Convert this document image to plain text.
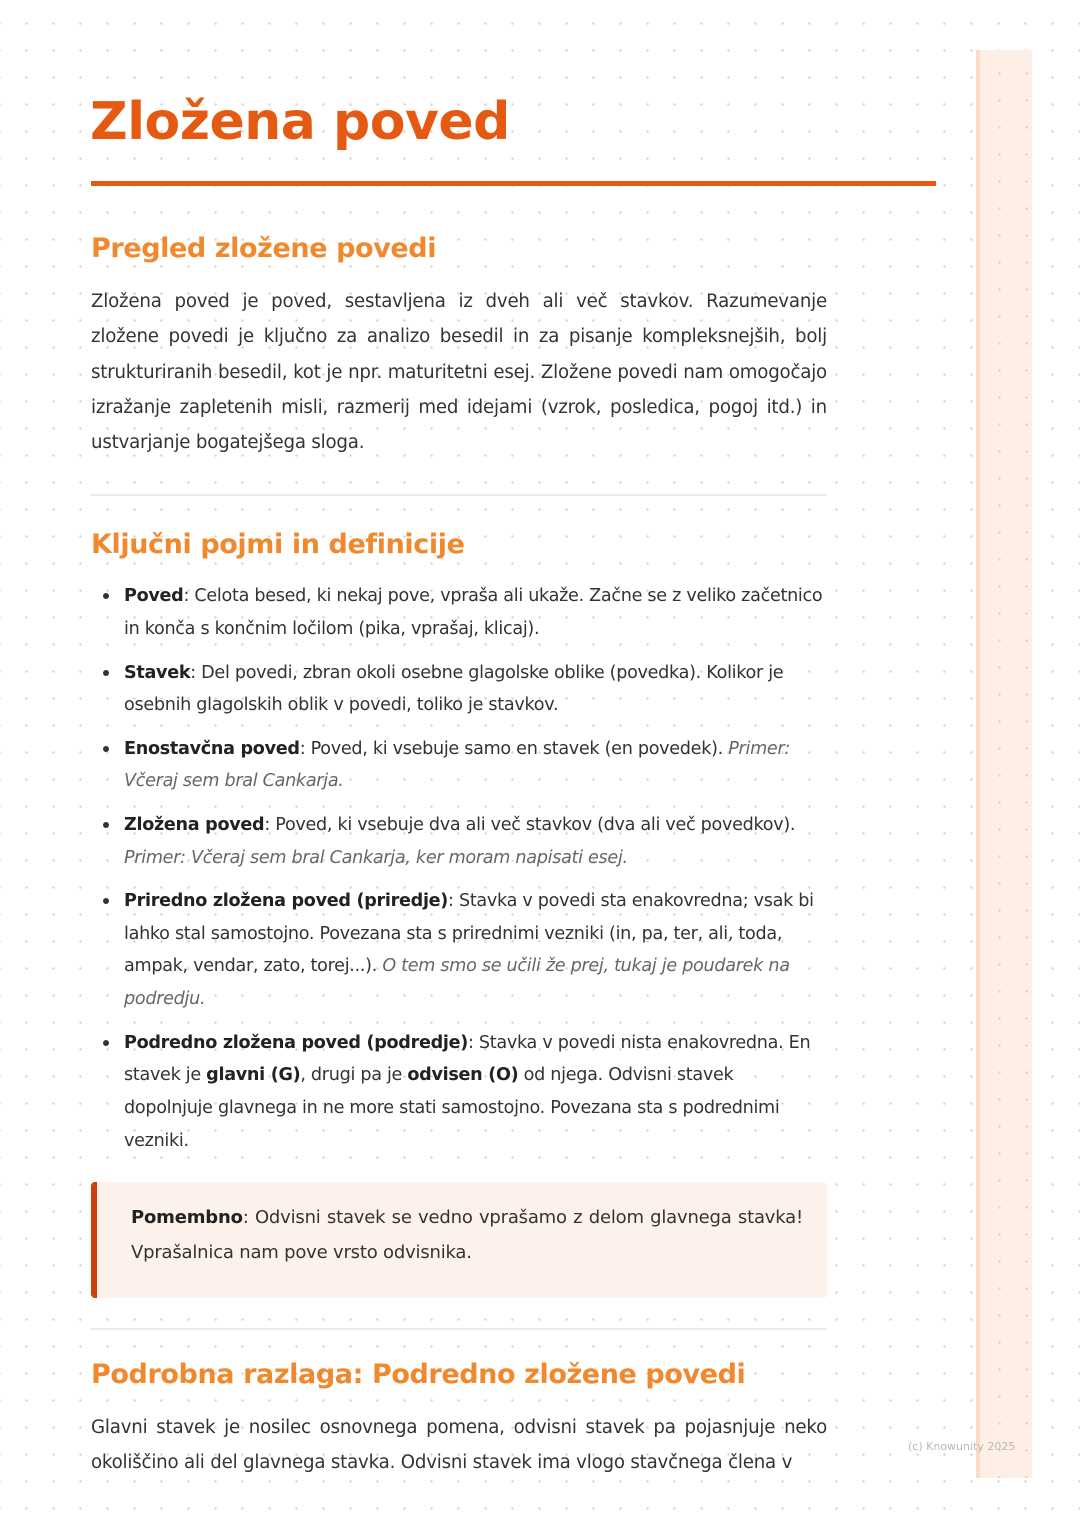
(c) Knowunity 2025
Zložena poved
Pregled zložene povedi

Zložena poved je poved, sestavljena iz dveh ali več stavkov. Razumevanje zložene povedi je ključno za analizo besedil in za pisanje kompleksnejših, bolj strukturiranih besedil, kot je npr. maturitetni esej. Zložene povedi nam omogočajo izražanje zapletenih misli, razmerij med idejami (vzrok, posledica, pogoj itd.) in ustvarjanje bogatejšega sloga.

Ključni pojmi in definicije
Poved: Celota besed, ki nekaj pove, vpraša ali ukaže. Začne se z veliko začetnico in konča s končnim ločilom (pika, vprašaj, klicaj).
Stavek: Del povedi, zbran okoli osebne glagolske oblike (povedka). Kolikor je osebnih glagolskih oblik v povedi, toliko je stavkov.
Enostavčna poved: Poved, ki vsebuje samo en stavek (en povedek). Primer: Včeraj sem bral Cankarja.
Zložena poved: Poved, ki vsebuje dva ali več stavkov (dva ali več povedkov). Primer: Včeraj sem bral Cankarja, ker moram napisati esej.
Priredno zložena poved (priredje): Stavka v povedi sta enakovredna; vsak bi lahko stal samostojno. Povezana sta s prirednimi vezniki (in, pa, ter, ali, toda, ampak, vendar, zato, torej...). O tem smo se učili že prej, tukaj je poudarek na podredju.
Podredno zložena poved (podredje): Stavka v povedi nista enakovredna. En stavek je glavni (G), drugi pa je odvisen (O) od njega. Odvisni stavek dopolnjuje glavnega in ne more stati samostojno. Povezana sta s podrednimi vezniki.
Pomembno: Odvisni stavek se vedno vprašamo z delom glavnega stavka! Vprašalnica nam pove vrsto odvisnika.
Podrobna razlaga: Podredno zložene povedi

Glavni stavek je nosilec osnovnega pomena, odvisni stavek pa pojasnjuje neko okoliščino ali del glavnega stavka. Odvisni stavek ima vlogo stavčnega člena v
